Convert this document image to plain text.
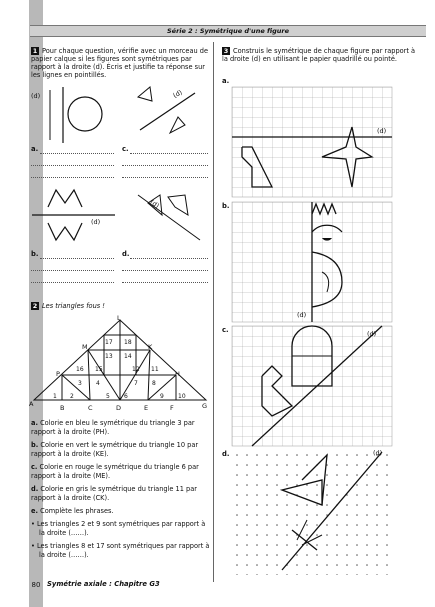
Série 2 : Symétrique d'une figure
1 Pour chaque question, vérifie avec un morceau de papier calque si les figures sont symétriques par rapport à la droite (d). Écris et justifie ta réponse sur les lignes en pointillés.
(d)	(d)
a.	c.
(d)
(d)
b.	d.
2 Les triangles fous !
L
M	K
P	H
A	B	C	D	E	F	G
17 18
13 14
16 15	12 11
3 4	7 8
1 2	5 6	9 10
a. Colorie en bleu le symétrique du triangle 3 par rapport à la droite (PH).
b. Colorie en vert le symétrique du triangle 10 par rapport à la droite (KE).
c. Colorie en rouge le symétrique du triangle 6 par rapport à la droite (ME).
d. Colorie en gris le symétrique du triangle 11 par rapport à la droite (CK).
e. Complète les phrases.
• Les triangles 2 et 9 sont symétriques par rapport à la droite (……).
• Les triangles 8 et 17 sont symétriques par rapport à la droite (……).
3 Construis le symétrique de chaque figure par rapport à la droite (d) en utilisant le papier quadrillé ou pointé.
a.
(d)
b.
(d)
c.	(d)
d.	(d)
80 Symétrie axiale : Chapitre G3
